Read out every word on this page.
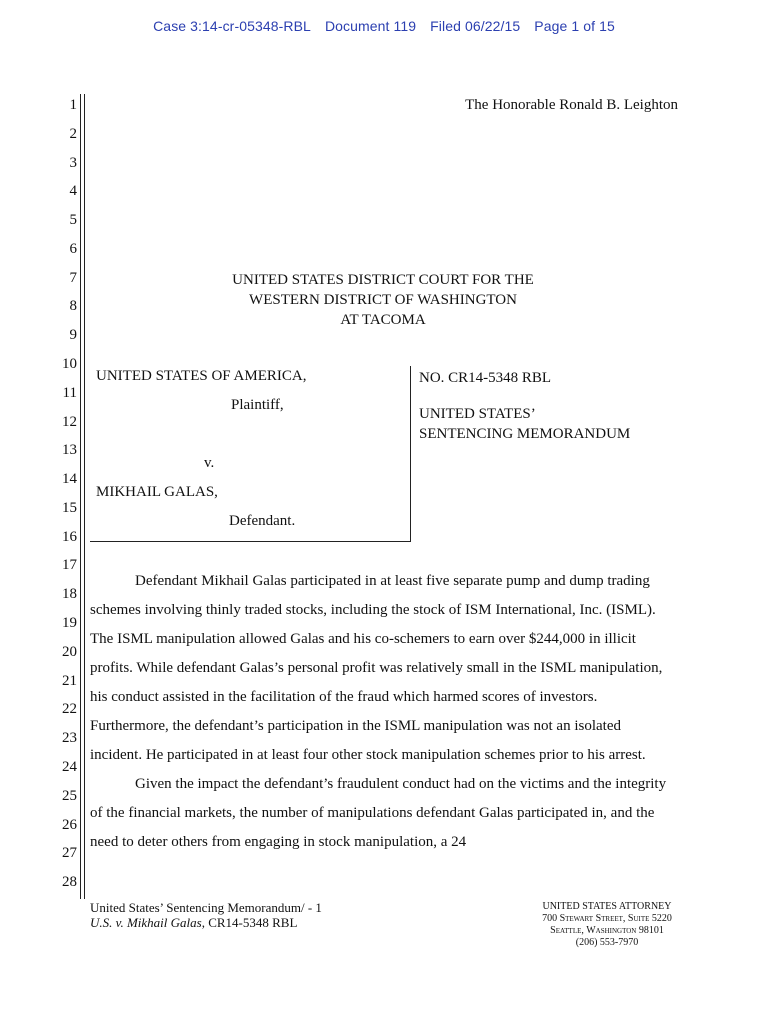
Case 3:14-cr-05348-RBL Document 119 Filed 06/22/15 Page 1 of 15
1
2
3
4
5
6
7
8
9
10
11
12
13
14
15
16
17
18
19
20
21
22
23
24
25
26
27
28
The Honorable Ronald B. Leighton
UNITED STATES DISTRICT COURT FOR THE
WESTERN DISTRICT OF WASHINGTON
AT TACOMA
UNITED STATES OF AMERICA,
Plaintiff,
v.
MIKHAIL GALAS,
Defendant.
NO. CR14-5348 RBL
UNITED STATES’
SENTENCING MEMORANDUM

Defendant Mikhail Galas participated in at least five separate pump and dump trading schemes involving thinly traded stocks, including the stock of ISM International, Inc. (ISML). The ISML manipulation allowed Galas and his co-schemers to earn over $244,000 in illicit profits. While defendant Galas’s personal profit was relatively small in the ISML manipulation, his conduct assisted in the facilitation of the fraud which harmed scores of investors. Furthermore, the defendant’s participation in the ISML manipulation was not an isolated incident. He participated in at least four other stock manipulation schemes prior to his arrest.

Given the impact the defendant’s fraudulent conduct had on the victims and the integrity of the financial markets, the number of manipulations defendant Galas participated in, and the need to deter others from engaging in stock manipulation, a 24

United States’ Sentencing Memorandum/ - 1
U.S. v. Mikhail Galas, CR14-5348 RBL
UNITED STATES ATTORNEY
700 Stewart Street, Suite 5220
Seattle, Washington 98101
(206) 553-7970
